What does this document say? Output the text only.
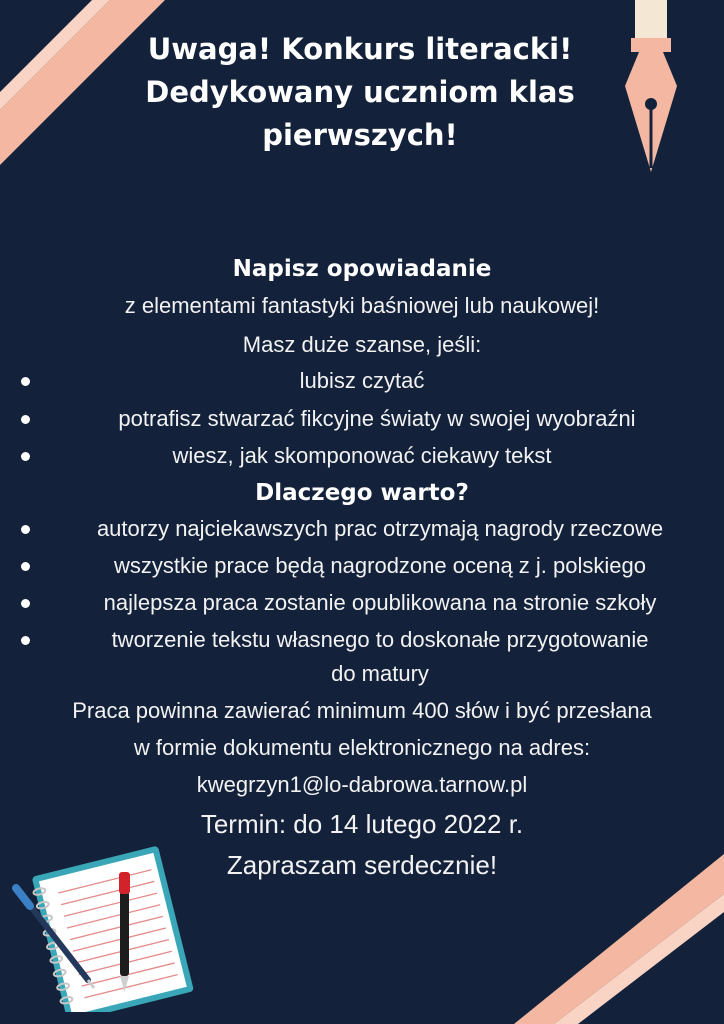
Uwaga! Konkurs literacki!
Dedykowany uczniom klas
pierwszych!
Napisz opowiadanie
z elementami fantastyki baśniowej lub naukowej!
Masz duże szanse, jeśli:
lubisz czytać
potrafisz stwarzać fikcyjne światy w swojej wyobraźni
wiesz, jak skomponować ciekawy tekst
Dlaczego warto?
autorzy najciekawszych prac otrzymają nagrody rzeczowe
wszystkie prace będą nagrodzone oceną z j. polskiego
najlepsza praca zostanie opublikowana na stronie szkoły
tworzenie tekstu własnego to doskonałe przygotowanie
do matury
Praca powinna zawierać minimum 400 słów i być przesłana
w formie dokumentu elektronicznego na adres:
kwegrzyn1@lo-dabrowa.tarnow.pl
Termin: do 14 lutego 2022 r.
Zapraszam serdecznie!
